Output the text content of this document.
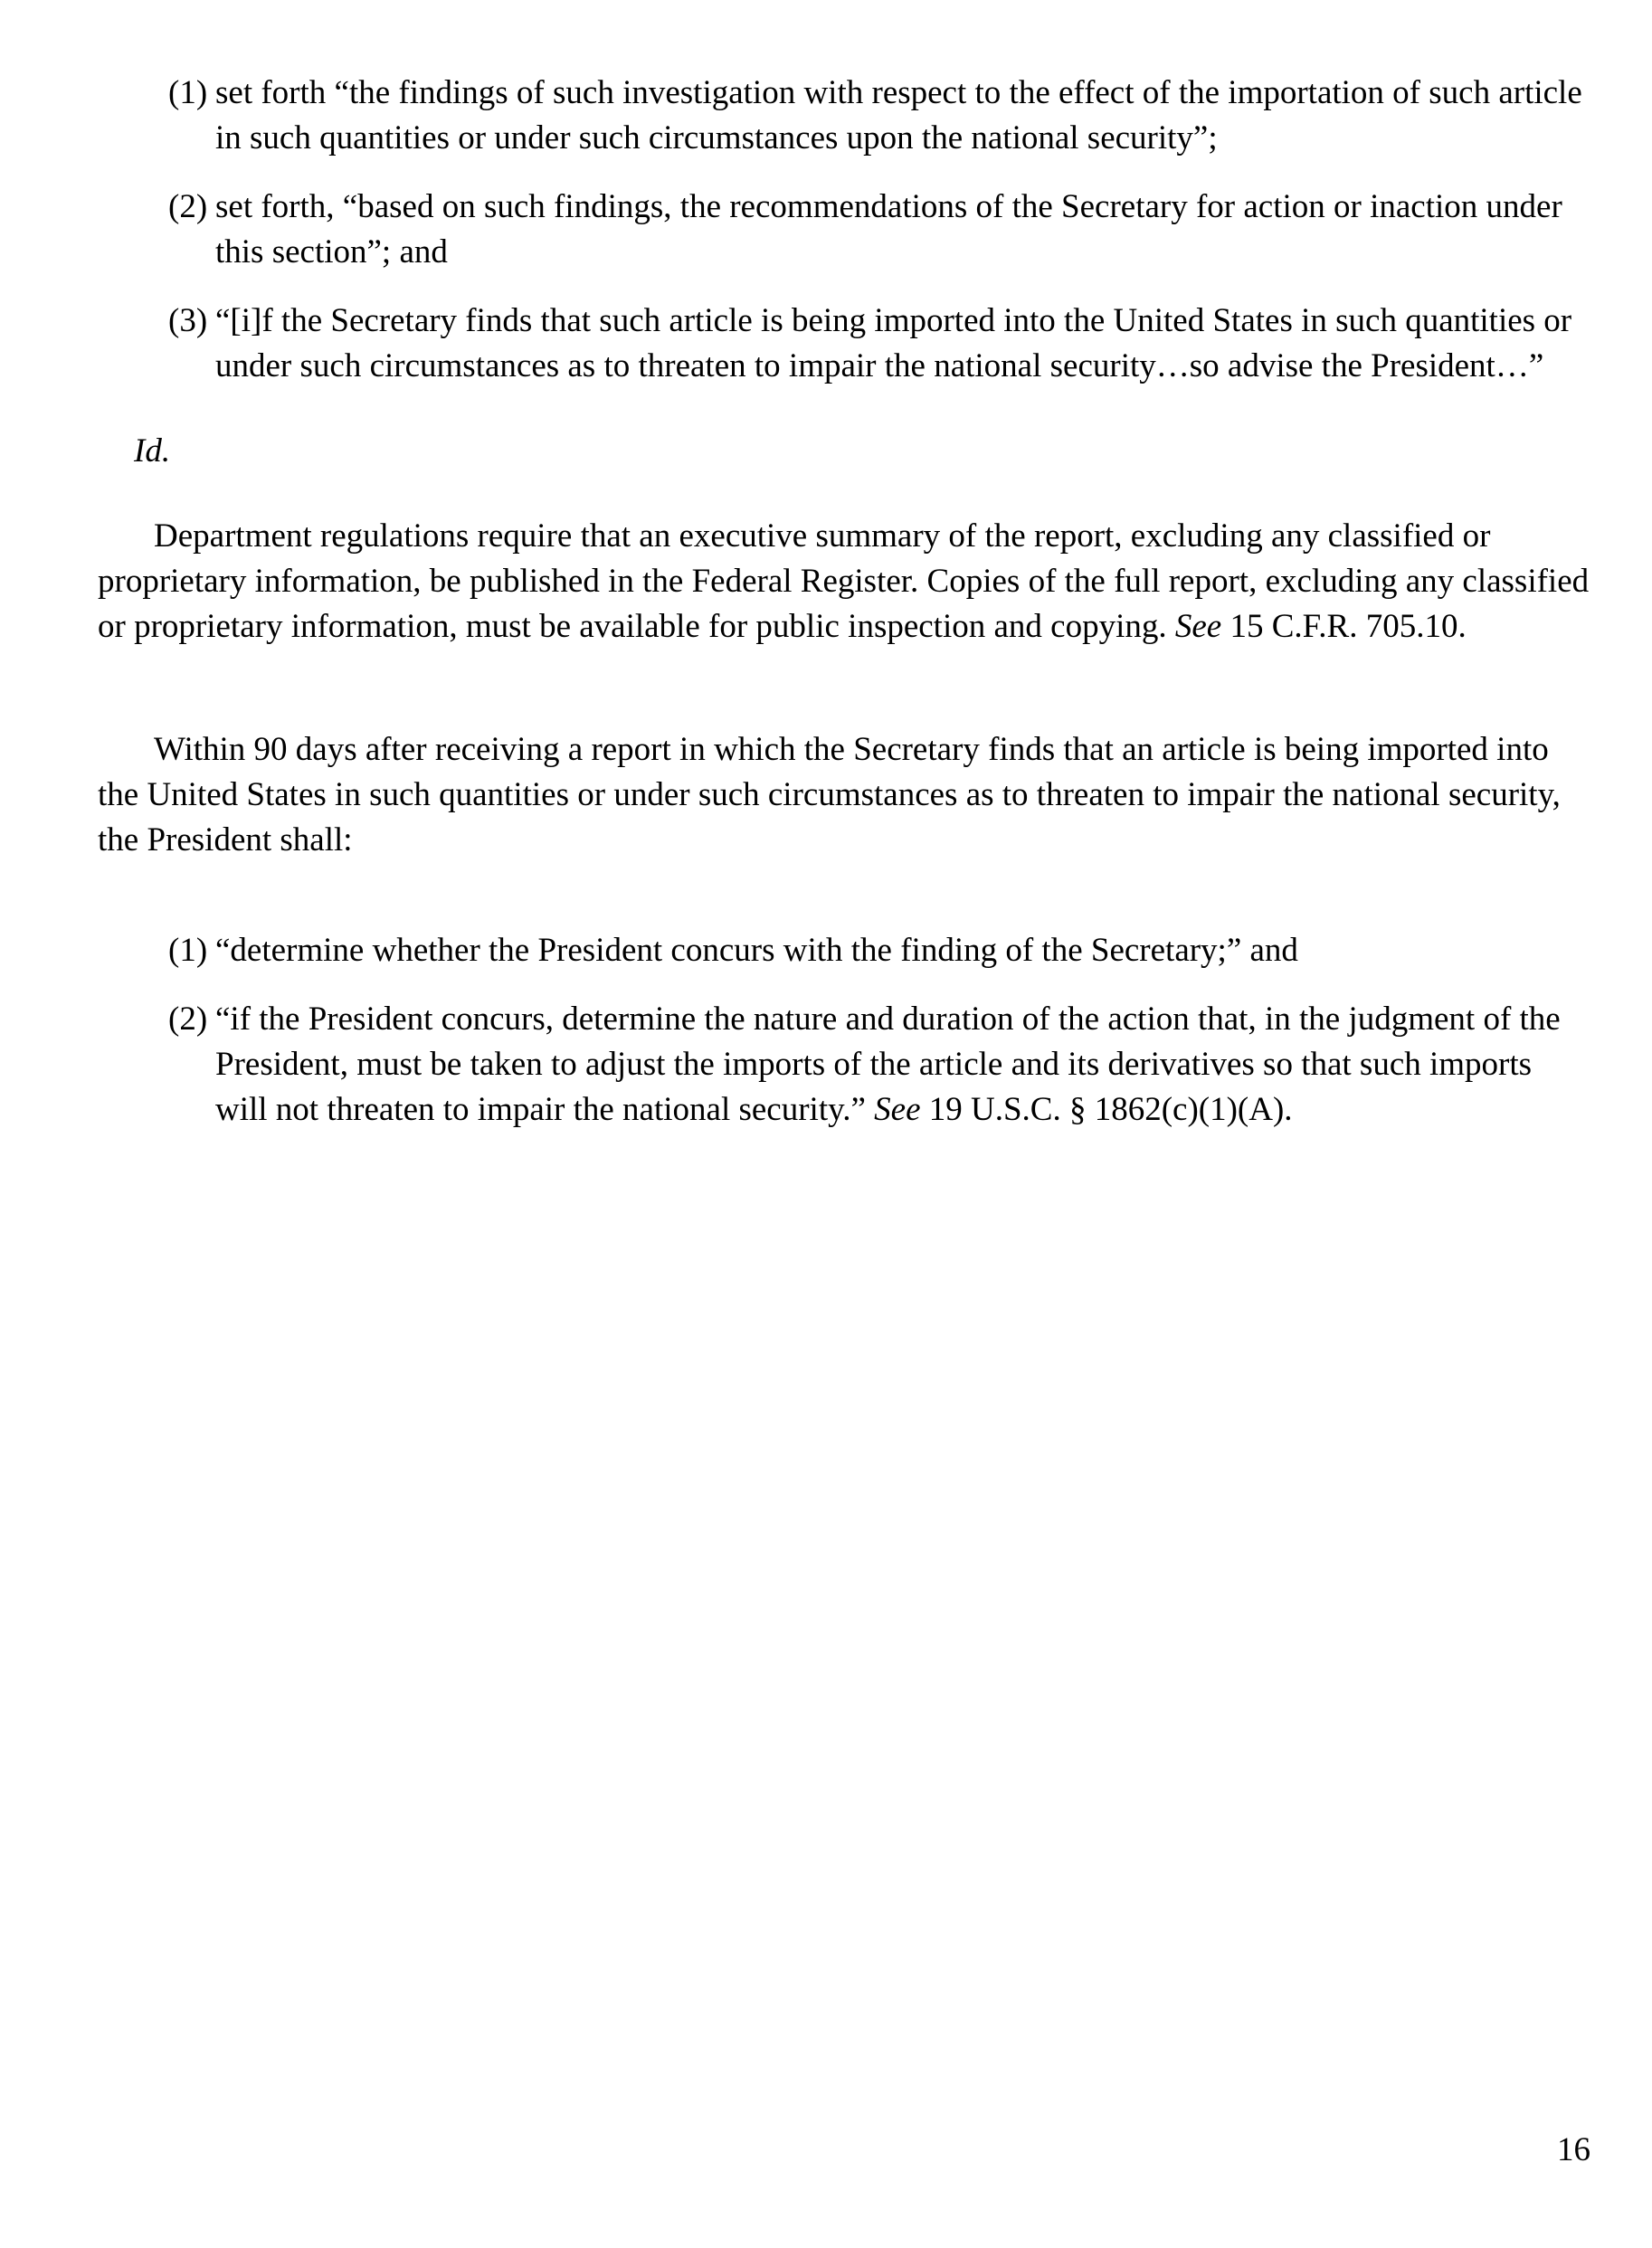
(1) set forth “the findings of such investigation with respect to the effect of the importation of such article in such quantities or under such circumstances upon the national security”;
(2) set forth, “based on such findings, the recommendations of the Secretary for action or inaction under this section”; and
(3) “[i]f the Secretary finds that such article is being imported into the United States in such quantities or under such circumstances as to threaten to impair the national security…so advise the President…”
Id.

Department regulations require that an executive summary of the report, excluding any classified or proprietary information, be published in the Federal Register. Copies of the full report, excluding any classified or proprietary information, must be available for public inspection and copying. See 15 C.F.R. 705.10.

Within 90 days after receiving a report in which the Secretary finds that an article is being imported into the United States in such quantities or under such circumstances as to threaten to impair the national security, the President shall:

(1) “determine whether the President concurs with the finding of the Secretary;” and
(2) “if the President concurs, determine the nature and duration of the action that, in the judgment of the President, must be taken to adjust the imports of the article and its derivatives so that such imports will not threaten to impair the national security.” See 19 U.S.C. § 1862(c)(1)(A).
16
